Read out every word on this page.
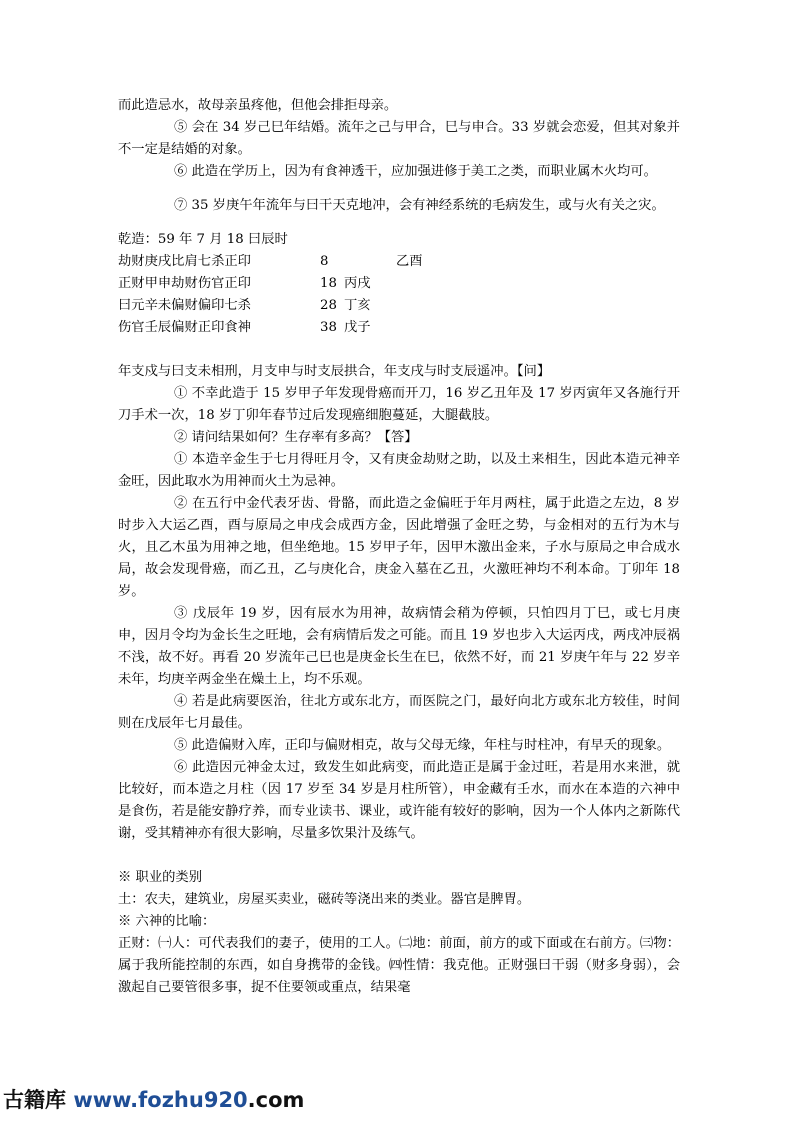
而此造忌水，故母亲虽疼他，但他会排拒母亲。

⑤ 会在 34 岁己巳年结婚。流年之己与甲合，巳与申合。33 岁就会恋爱，但其对象并不一定是结婚的对象。

⑥ 此造在学历上，因为有食神透干，应加强进修于美工之类，而职业属木火均可。

⑦ 35 岁庚午年流年与曰干天克地冲，会有神经系统的毛病发生，或与火有关之灾。

乾造：59 年 7 月 18 曰辰时

劫财庚戌比肩七杀正印	8	乙酉
正财甲申劫财伤官正印	18 丙戌
曰元辛未偏财偏印七杀	28 丁亥
伤官壬辰偏财正印食神	38 戊子

年支戍与曰支未相刑，月支申与时支辰拱合，年支戌与时支辰遥冲。【问】

① 不幸此造于 15 岁甲子年发现骨癌而开刀，16 岁乙丑年及 17 岁丙寅年又各施行开刀手术一次，18 岁丁卯年春节过后发现癌细胞蔓延，大腿截肢。

② 请问结果如何？生存率有多高？【答】

① 本造辛金生于七月得旺月令，又有庚金劫财之助，以及土来相生，因此本造元神辛金旺，因此取水为用神而火土为忌神。

② 在五行中金代表牙齿、骨骼，而此造之金偏旺于年月两柱，属于此造之左边，8 岁时步入大运乙酉，酉与原局之申戌会成西方金，因此增强了金旺之势，与金相对的五行为木与火，且乙木虽为用神之地，但坐绝地。15 岁甲子年，因甲木激出金来，子水与原局之申合成水局，故会发现骨癌，而乙丑，乙与庚化合，庚金入墓在乙丑，火激旺神均不利本命。丁卯年 18 岁。

③ 戊辰年 19 岁，因有辰水为用神，故病情会稍为停顿，只怕四月丁巳，或七月庚申，因月令均为金长生之旺地，会有病情后发之可能。而且 19 岁也步入大运丙戌，两戌冲辰祸不浅，故不好。再看 20 岁流年己巳也是庚金长生在巳，依然不好，而 21 岁庚午年与 22 岁辛未年，均庚辛两金坐在燥土上，均不乐观。

④ 若是此病要医治，往北方或东北方，而医院之门，最好向北方或东北方较佳，时间则在戊辰年七月最佳。

⑤ 此造偏财入库，正印与偏财相克，故与父母无缘，年柱与时柱冲，有早夭的现象。

⑥ 此造因元神金太过，致发生如此病变，而此造正是属于金过旺，若是用水来泄，就比较好，而本造之月柱（因 17 岁至 34 岁是月柱所管），申金藏有壬水，而水在本造的六神中是食伤，若是能安静疗养，而专业读书、课业，或许能有较好的影响，因为一个人体内之新陈代谢，受其精神亦有很大影响，尽量多饮果汁及练气。

※ 职业的类别

土：农夫，建筑业，房屋买卖业，磁砖等浇出来的类业。器官是脾胃。

※ 六神的比喻：

正财：㈠人：可代表我们的妻子，使用的工人。㈡地：前面，前方的或下面或在右前方。㈢物：属于我所能控制的东西，如自身携带的金钱。㈣性情：我克他。正财强曰干弱（财多身弱），会激起自己要管很多事，捉不住要领或重点，结果毫

古籍库 www.fozhu920.com
